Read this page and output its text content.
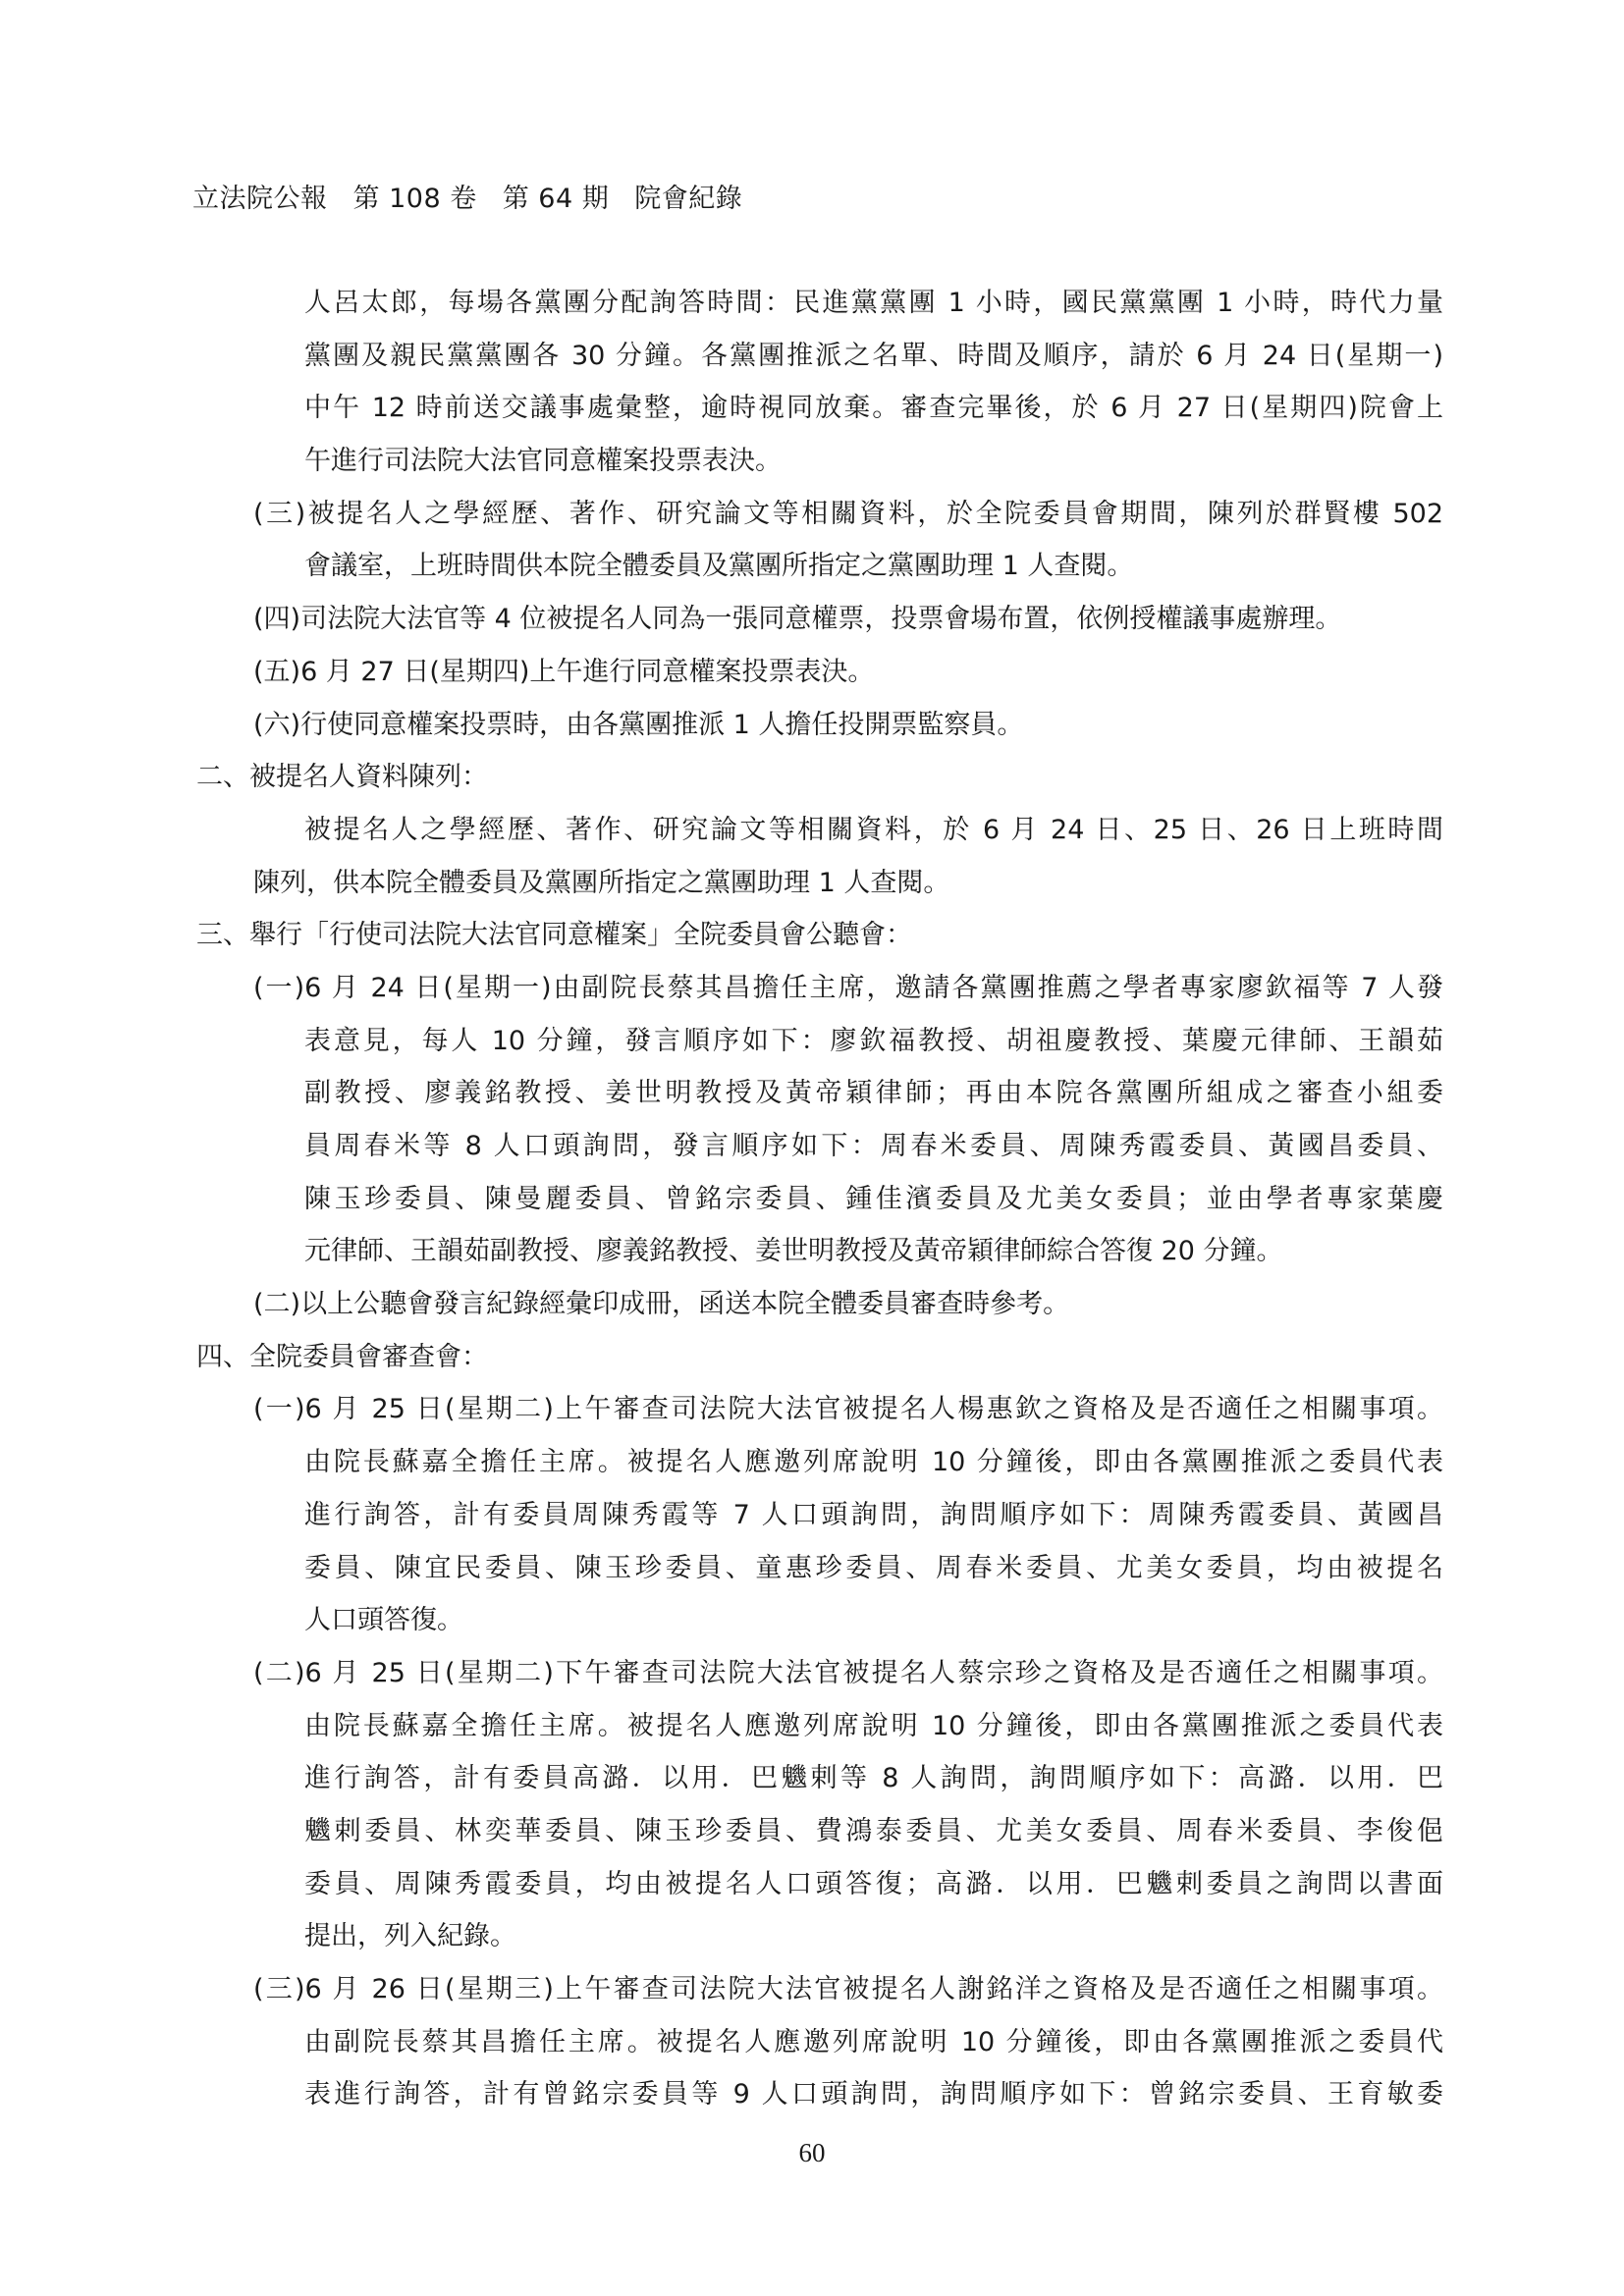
立法院公報 第 108 卷 第 64 期 院會紀錄
人呂太郎，每場各黨團分配詢答時間：民進黨黨團 1 小時，國民黨黨團 1 小時，時代力量
黨團及親民黨黨團各 30 分鐘。各黨團推派之名單、時間及順序，請於 6 月 24 日(星期一)
中午 12 時前送交議事處彙整，逾時視同放棄。審查完畢後，於 6 月 27 日(星期四)院會上
午進行司法院大法官同意權案投票表決。
(三)被提名人之學經歷、著作、研究論文等相關資料，於全院委員會期間，陳列於群賢樓 502
會議室，上班時間供本院全體委員及黨團所指定之黨團助理 1 人查閱。
(四)司法院大法官等 4 位被提名人同為一張同意權票，投票會場布置，依例授權議事處辦理。
(五)6 月 27 日(星期四)上午進行同意權案投票表決。
(六)行使同意權案投票時，由各黨團推派 1 人擔任投開票監察員。
二、被提名人資料陳列：
被提名人之學經歷、著作、研究論文等相關資料，於 6 月 24 日、25 日、26 日上班時間
陳列，供本院全體委員及黨團所指定之黨團助理 1 人查閱。
三、舉行「行使司法院大法官同意權案」全院委員會公聽會：
(一)6 月 24 日(星期一)由副院長蔡其昌擔任主席，邀請各黨團推薦之學者專家廖欽福等 7 人發
表意見，每人 10 分鐘，發言順序如下：廖欽福教授、胡祖慶教授、葉慶元律師、王韻茹
副教授、廖義銘教授、姜世明教授及黃帝穎律師；再由本院各黨團所組成之審查小組委
員周春米等 8 人口頭詢問，發言順序如下：周春米委員、周陳秀霞委員、黃國昌委員、
陳玉珍委員、陳曼麗委員、曾銘宗委員、鍾佳濱委員及尤美女委員；並由學者專家葉慶
元律師、王韻茹副教授、廖義銘教授、姜世明教授及黃帝穎律師綜合答復 20 分鐘。
(二)以上公聽會發言紀錄經彙印成冊，函送本院全體委員審查時參考。
四、全院委員會審查會：
(一)6 月 25 日(星期二)上午審查司法院大法官被提名人楊惠欽之資格及是否適任之相關事項。
由院長蘇嘉全擔任主席。被提名人應邀列席說明 10 分鐘後，即由各黨團推派之委員代表
進行詢答，計有委員周陳秀霞等 7 人口頭詢問，詢問順序如下：周陳秀霞委員、黃國昌
委員、陳宜民委員、陳玉珍委員、童惠珍委員、周春米委員、尤美女委員，均由被提名
人口頭答復。
(二)6 月 25 日(星期二)下午審查司法院大法官被提名人蔡宗珍之資格及是否適任之相關事項。
由院長蘇嘉全擔任主席。被提名人應邀列席說明 10 分鐘後，即由各黨團推派之委員代表
進行詢答，計有委員高潞．以用．巴魕剌等 8 人詢問，詢問順序如下：高潞．以用．巴
魕剌委員、林奕華委員、陳玉珍委員、費鴻泰委員、尤美女委員、周春米委員、李俊俋
委員、周陳秀霞委員，均由被提名人口頭答復；高潞．以用．巴魕剌委員之詢問以書面
提出，列入紀錄。
(三)6 月 26 日(星期三)上午審查司法院大法官被提名人謝銘洋之資格及是否適任之相關事項。
由副院長蔡其昌擔任主席。被提名人應邀列席說明 10 分鐘後，即由各黨團推派之委員代
表進行詢答，計有曾銘宗委員等 9 人口頭詢問，詢問順序如下：曾銘宗委員、王育敏委
60
